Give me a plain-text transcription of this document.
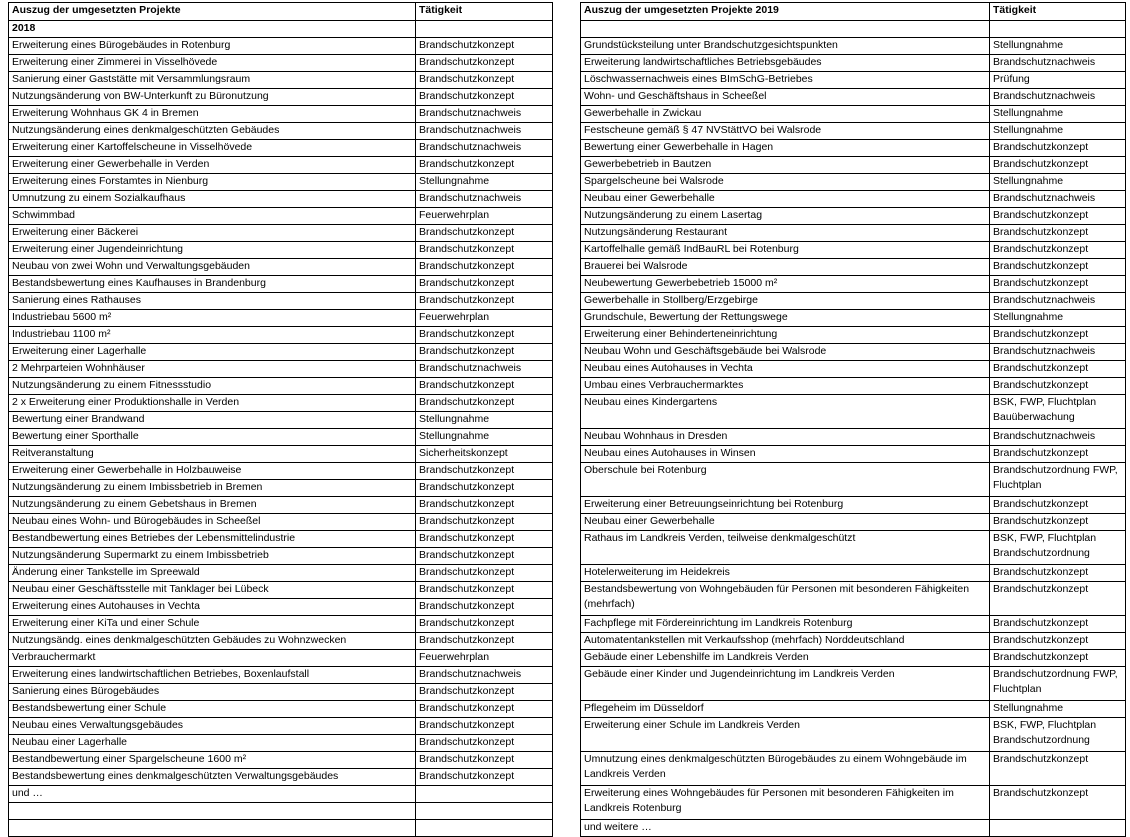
Auszug der umgesetzten Projekte	Tätigkeit
2018	
Erweiterung eines Bürogebäudes in Rotenburg	Brandschutzkonzept
Erweiterung einer Zimmerei in Visselhövede	Brandschutzkonzept
Sanierung einer Gaststätte mit Versammlungsraum	Brandschutzkonzept
Nutzungsänderung von BW-Unterkunft zu Büronutzung	Brandschutzkonzept
Erweiterung Wohnhaus GK 4 in Bremen	Brandschutznachweis
Nutzungsänderung eines denkmalgeschützten Gebäudes	Brandschutznachweis
Erweiterung einer Kartoffelscheune in Visselhövede	Brandschutznachweis
Erweiterung einer Gewerbehalle in Verden	Brandschutzkonzept
Erweiterung eines Forstamtes in Nienburg	Stellungnahme
Umnutzung zu einem Sozialkaufhaus	Brandschutznachweis
Schwimmbad	Feuerwehrplan
Erweiterung einer Bäckerei	Brandschutzkonzept
Erweiterung einer Jugendeinrichtung	Brandschutzkonzept
Neubau von zwei Wohn und Verwaltungsgebäuden	Brandschutzkonzept
Bestandsbewertung eines Kaufhauses in Brandenburg	Brandschutzkonzept
Sanierung eines Rathauses	Brandschutzkonzept
Industriebau 5600 m²	Feuerwehrplan
Industriebau 1100 m²	Brandschutzkonzept
Erweiterung einer Lagerhalle	Brandschutzkonzept
2 Mehrparteien Wohnhäuser	Brandschutznachweis
Nutzungsänderung zu einem Fitnessstudio	Brandschutzkonzept
2 x Erweiterung einer Produktionshalle in Verden	Brandschutzkonzept
Bewertung einer Brandwand	Stellungnahme
Bewertung einer Sporthalle	Stellungnahme
Reitveranstaltung	Sicherheitskonzept
Erweiterung einer Gewerbehalle in Holzbauweise	Brandschutzkonzept
Nutzungsänderung zu einem Imbissbetrieb in Bremen	Brandschutzkonzept
Nutzungsänderung zu einem Gebetshaus in Bremen	Brandschutzkonzept
Neubau eines Wohn- und Bürogebäudes in Scheeßel	Brandschutzkonzept
Bestandbewertung eines Betriebes der Lebensmittelindustrie	Brandschutzkonzept
Nutzungsänderung Supermarkt zu einem Imbissbetrieb	Brandschutzkonzept
Änderung einer Tankstelle im Spreewald	Brandschutzkonzept
Neubau einer Geschäftsstelle mit Tanklager bei Lübeck	Brandschutzkonzept
Erweiterung eines Autohauses in Vechta	Brandschutzkonzept
Erweiterung einer KiTa und einer Schule	Brandschutzkonzept
Nutzungsändg. eines denkmalgeschützten Gebäudes zu Wohnzwecken	Brandschutzkonzept
Verbrauchermarkt	Feuerwehrplan
Erweiterung eines landwirtschaftlichen Betriebes, Boxenlaufstall	Brandschutznachweis
Sanierung eines Bürogebäudes	Brandschutzkonzept
Bestandsbewertung einer Schule	Brandschutzkonzept
Neubau eines Verwaltungsgebäudes	Brandschutzkonzept
Neubau einer Lagerhalle	Brandschutzkonzept
Bestandbewertung einer Spargelscheune 1600 m²	Brandschutzkonzept
Bestandsbewertung eines denkmalgeschützten Verwaltungsgebäudes	Brandschutzkonzept
und …	

Auszug der umgesetzten Projekte 2019	Tätigkeit

Grundstücksteilung unter Brandschutzgesichtspunkten	Stellungnahme
Erweiterung landwirtschaftliches Betriebsgebäudes	Brandschutznachweis
Löschwassernachweis eines BImSchG-Betriebes	Prüfung
Wohn- und Geschäftshaus in Scheeßel	Brandschutznachweis
Gewerbehalle in Zwickau	Stellungnahme
Festscheune gemäß § 47 NVStättVO bei Walsrode	Stellungnahme
Bewertung einer Gewerbehalle in Hagen	Brandschutzkonzept
Gewerbebetrieb in Bautzen	Brandschutzkonzept
Spargelscheune bei Walsrode	Stellungnahme
Neubau einer Gewerbehalle	Brandschutznachweis
Nutzungsänderung zu einem Lasertag	Brandschutzkonzept
Nutzungsänderung Restaurant	Brandschutzkonzept
Kartoffelhalle gemäß IndBauRL bei Rotenburg	Brandschutzkonzept
Brauerei bei Walsrode	Brandschutzkonzept
Neubewertung Gewerbebetrieb 15000 m²	Brandschutzkonzept
Gewerbehalle in Stollberg/Erzgebirge	Brandschutznachweis
Grundschule, Bewertung der Rettungswege	Stellungnahme
Erweiterung einer Behinderteneinrichtung	Brandschutzkonzept
Neubau Wohn und Geschäftsgebäude bei Walsrode	Brandschutznachweis
Neubau eines Autohauses in Vechta	Brandschutzkonzept
Umbau eines Verbrauchermarktes	Brandschutzkonzept
Neubau eines Kindergartens	BSK, FWP, Fluchtplan Bauüberwachung
Neubau Wohnhaus in Dresden	Brandschutznachweis
Neubau eines Autohauses in Winsen	Brandschutzkonzept
Oberschule bei Rotenburg	Brandschutzordnung FWP, Fluchtplan
Erweiterung einer Betreuungseinrichtung bei Rotenburg	Brandschutzkonzept
Neubau einer Gewerbehalle	Brandschutzkonzept
Rathaus im Landkreis Verden, teilweise denkmalgeschützt	BSK, FWP, Fluchtplan Brandschutzordnung
Hotelerweiterung im Heidekreis	Brandschutzkonzept
Bestandsbewertung von Wohngebäuden für Personen mit besonderen Fähigkeiten (mehrfach)	Brandschutzkonzept
Fachpflege mit Fördereinrichtung im Landkreis Rotenburg	Brandschutzkonzept
Automatentankstellen mit Verkaufsshop (mehrfach) Norddeutschland	Brandschutzkonzept
Gebäude einer Lebenshilfe im Landkreis Verden	Brandschutzkonzept
Gebäude einer Kinder und Jugendeinrichtung im Landkreis Verden	Brandschutzordnung FWP, Fluchtplan
Pflegeheim im Düsseldorf	Stellungnahme
Erweiterung einer Schule im Landkreis Verden	BSK, FWP, Fluchtplan Brandschutzordnung
Umnutzung eines denkmalgeschützten Bürogebäudes zu einem Wohngebäude im Landkreis Verden	Brandschutzkonzept
Erweiterung eines Wohngebäudes für Personen mit besonderen Fähigkeiten im Landkreis Rotenburg	Brandschutzkonzept
und weitere …	
